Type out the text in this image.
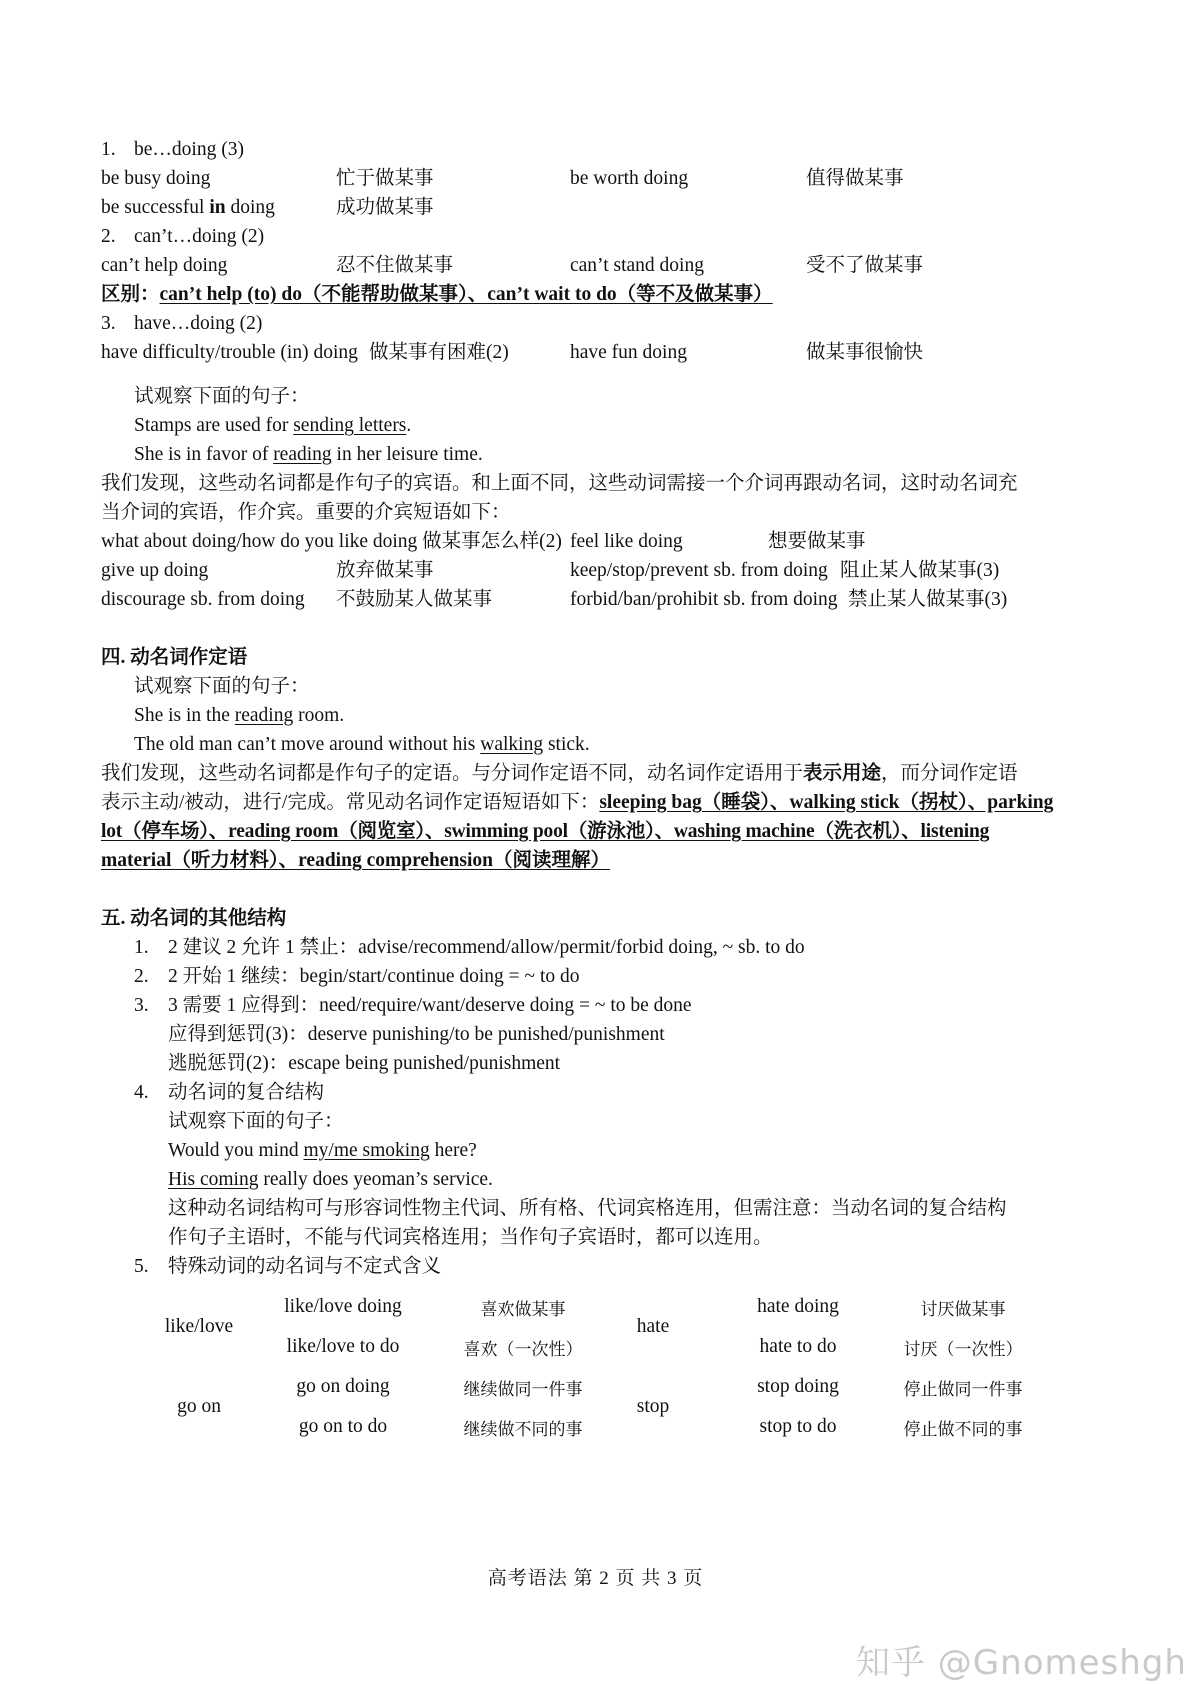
1. be…doing (3)
be busy doing	忙于做某事	be worth doing	值得做某事
be successful in doing	成功做某事
2. can’t…doing (2)
can’t help doing	忍不住做某事	can’t stand doing	受不了做某事
区别：can’t help (to) do（不能帮助做某事）、can’t wait to do（等不及做某事）
3. have…doing (2)
have difficulty/trouble (in) doing 做某事有困难(2)	have fun doing	做某事很愉快
试观察下面的句子：
Stamps are used for sending letters.
She is in favor of reading in her leisure time.
我们发现，这些动名词都是作句子的宾语。和上面不同，这些动词需接一个介词再跟动名词，这时动名词充
当介词的宾语，作介宾。重要的介宾短语如下：
what about doing/how do you like doing 做某事怎么样(2) feel like doing	想要做某事
give up doing	放弃做某事	keep/stop/prevent sb. from doing 阻止某人做某事(3)
discourage sb. from doing 不鼓励某人做某事	forbid/ban/prohibit sb. from doing 禁止某人做某事(3)
四. 动名词作定语
试观察下面的句子：
She is in the reading room.
The old man can’t move around without his walking stick.
我们发现，这些动名词都是作句子的定语。与分词作定语不同，动名词作定语用于表示用途，而分词作定语
表示主动/被动，进行/完成。常见动名词作定语短语如下：sleeping bag（睡袋）、walking stick（拐杖）、parking
lot（停车场）、reading room（阅览室）、swimming pool（游泳池）、washing machine（洗衣机）、listening
material（听力材料）、reading comprehension（阅读理解）
五. 动名词的其他结构
1. 2 建议 2 允许 1 禁止：advise/recommend/allow/permit/forbid doing, ~ sb. to do
2. 2 开始 1 继续：begin/start/continue doing = ~ to do
3. 3 需要 1 应得到：need/require/want/deserve doing = ~ to be done
应得到惩罚(3)：deserve punishing/to be punished/punishment
逃脱惩罚(2)：escape being punished/punishment
4. 动名词的复合结构
试观察下面的句子：
Would you mind my/me smoking here?
His coming really does yeoman’s service.
这种动名词结构可与形容词性物主代词、所有格、代词宾格连用，但需注意：当动名词的复合结构
作句子主语时，不能与代词宾格连用；当作句子宾语时，都可以连用。
5. 特殊动词的动名词与不定式含义
like/love	like/love doing	喜欢做某事	hate	hate doing	讨厌做某事
	like/love to do	喜欢（一次性）		hate to do	讨厌（一次性）
go on	go on doing	继续做同一件事	stop	stop doing	停止做同一件事
	go on to do	继续做不同的事		stop to do	停止做不同的事
高考语法 第 2 页 共 3 页
知乎 @Gnomeshgh
